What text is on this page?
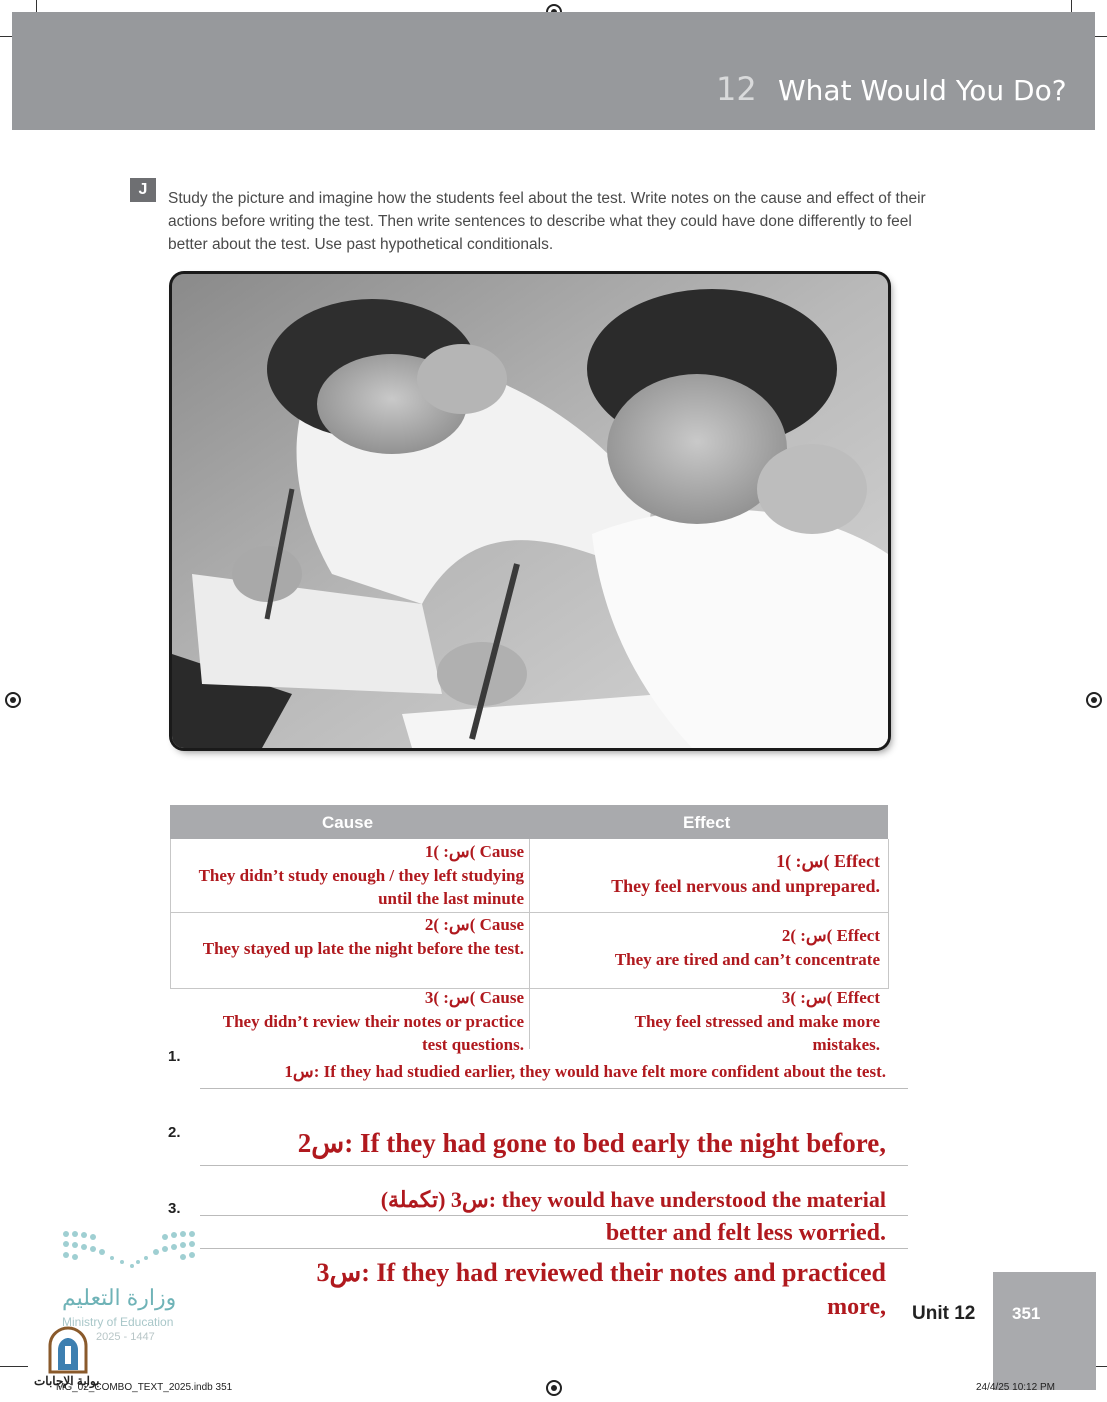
12 What Would You Do?
J
Study the picture and imagine how the students feel about the test. Write notes on the cause and effect of their actions before writing the test. Then write sentences to describe what they could have done differently to feel better about the test. Use past hypothetical conditionals.
Cause	Effect
س: )1( Cause
They didn’t study enough / they left studying until the last minute
س: )1( Effect
They feel nervous and unprepared.
س: )2( Cause
They stayed up late the night before the test.
س: )2( Effect
They are tired and can’t concentrate
س: )3( Cause
They didn’t review their notes or practice test questions.
س: )3( Effect
They feel stressed and make more mistakes.
1.
2.
3.
س1: If they had studied earlier, they would have felt more confident about the test.
س2: If they had gone to bed early the night before,
س3 (تكملة): they would have understood the material
better and felt less worried.
س3: If they had reviewed their notes and practiced
more,
وزارة التعليم
Ministry of Education
2025 - 1447
بوابة الإجابات
Unit 12 351
MG_02_COMBO_TEXT_2025.indb 351	24/4/25 10:12 PM
